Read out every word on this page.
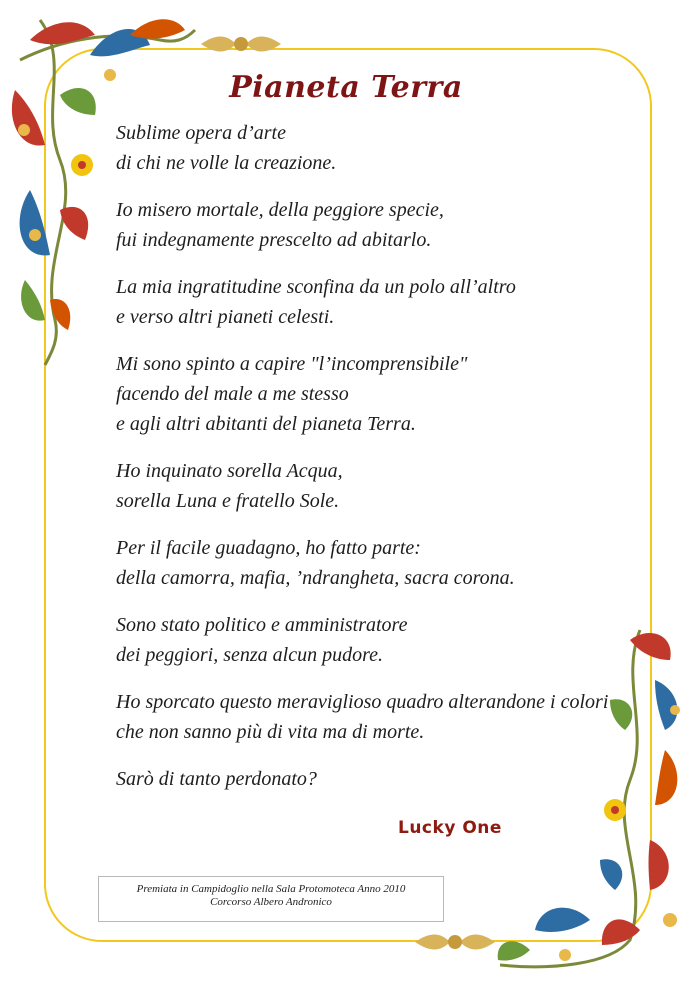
Pianeta Terra
Sublime opera d’arte
di chi ne volle la creazione.
Io misero mortale, della peggiore specie,
fui indegnamente prescelto ad abitarlo.
La mia ingratitudine sconfina da un polo all’altro
e verso altri pianeti celesti.
Mi sono spinto a capire "l’incomprensibile"
facendo del male a me stesso
e agli altri abitanti del pianeta Terra.
Ho inquinato sorella Acqua,
sorella Luna e fratello Sole.
Per il facile guadagno, ho fatto parte:
della camorra, mafia, ’ndrangheta, sacra corona.
Sono stato politico e amministratore
dei peggiori, senza alcun pudore.
Ho sporcato questo meraviglioso quadro alterandone i colori
che non sanno più di vita ma di morte.
Sarò di tanto perdonato?
Lucky One
Premiata in Campidoglio nella Sala Protomoteca Anno 2010
Corcorso Albero Andronico
